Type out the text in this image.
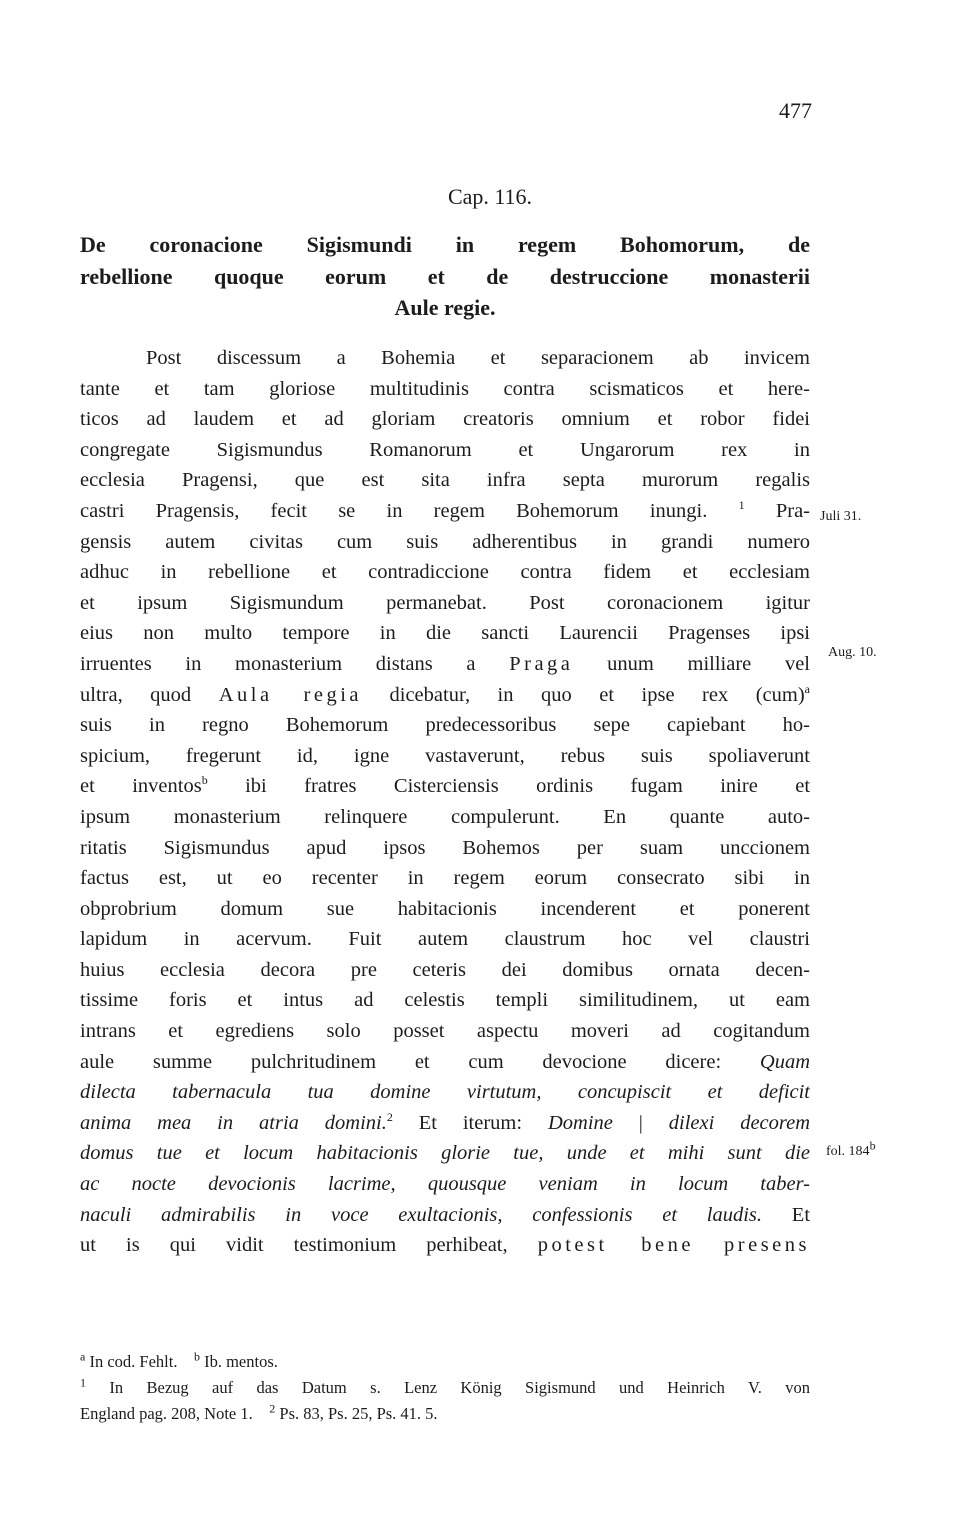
477
Cap. 116.
De coronacione Sigismundi in regem Bohomorum, de
rebellione quoque eorum et de destruccione monasterii
Aule regie.
Post discessum a Bohemia et separacionem ab invicem
tante et tam gloriose multitudinis contra scismaticos et here-
ticos ad laudem et ad gloriam creatoris omnium et robor fidei
congregate Sigismundus Romanorum et Ungarorum rex in
ecclesia Pragensi, que est sita infra septa murorum regalis
castri Pragensis, fecit se in regem Bohemorum inungi.	$^1$ Pra-
gensis autem civitas cum suis adherentibus in grandi numero
adhuc in rebellione et contradiccione contra fidem et ecclesiam
et ipsum Sigismundum permanebat. Post coronacionem igitur
eius non multo tempore in die sancti Laurencii Pragenses ipsi
irruentes in monasterium distans a Praga unum milliare vel
ultra, quod Aula regia dicebatur, in quo et ipse rex (cum)$^a$
suis in regno Bohemorum predecessoribus sepe capiebant ho-
spicium, fregerunt id, igne vastaverunt, rebus suis spoliaverunt
et inventos$^b$ ibi fratres Cisterciensis ordinis fugam inire et
ipsum monasterium relinquere compulerunt. En quante auto-
ritatis Sigismundus apud ipsos Bohemos per suam unccionem
factus est, ut eo recenter in regem eorum consecrato sibi in
obprobrium domum sue habitacionis incenderent et ponerent
lapidum in acervum. Fuit autem claustrum hoc vel claustri
huius ecclesia decora pre ceteris dei domibus ornata decen-
tissime foris et intus ad celestis templi similitudinem, ut eam
intrans et egrediens solo posset aspectu moveri ad cogitandum
aule summe pulchritudinem et cum devocione dicere: Quam
dilecta tabernacula tua domine virtutum, concupiscit et deficit
anima mea in atria domini.$^2$ Et iterum: Domine | dilexi decorem
domus tue et locum habitacionis glorie tue, unde et mihi sunt die
ac nocte devocionis lacrime, quousque veniam in locum taber-
naculi admirabilis in voce exultacionis, confessionis et laudis. Et
ut is qui vidit testimonium perhibeat, potest bene presens
Juli 31.
Aug. 10.
fol. 184$^b$
$^a$ In cod. Fehlt. $^b$ Ib. mentos.
$^1$ In Bezug auf das Datum s. Lenz König Sigismund und Heinrich V. von
England pag. 208, Note 1. $^2$ Ps. 83, Ps. 25, Ps. 41. 5.
